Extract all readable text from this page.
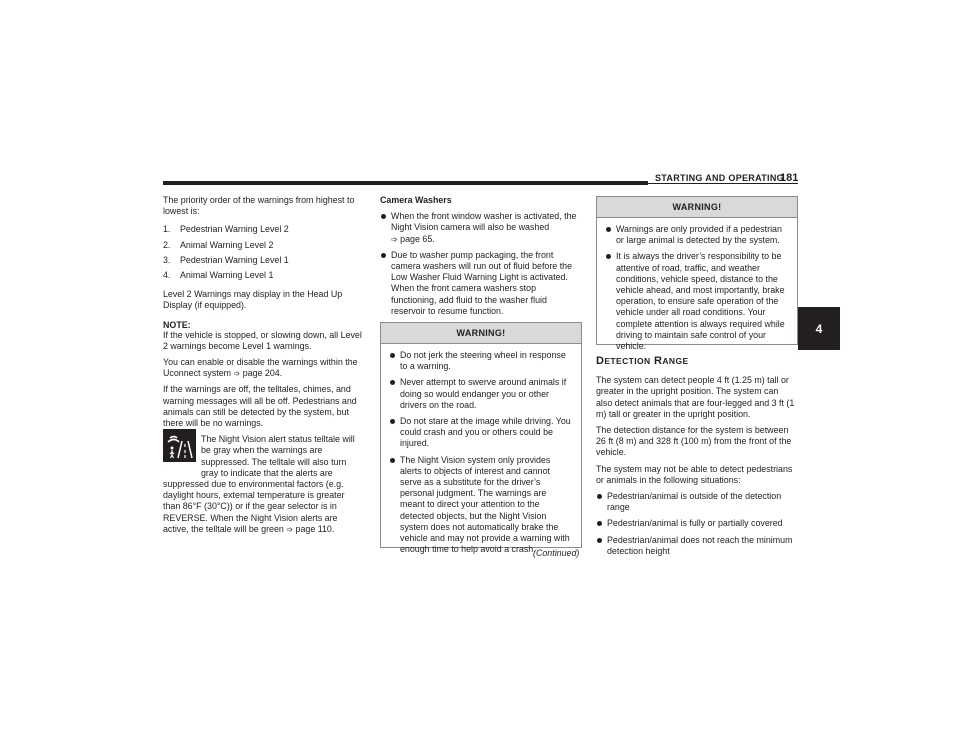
STARTING AND OPERATING
181
4

The priority order of the warnings from highest to lowest is:

1. Pedestrian Warning Level 2
2. Animal Warning Level 2
3. Pedestrian Warning Level 1
4. Animal Warning Level 1

Level 2 Warnings may display in the Head Up Display (if equipped).

NOTE:

If the vehicle is stopped, or slowing down, all Level 2 warnings become Level 1 warnings.

You can enable or disable the warnings within the Uconnect system ➩ page 204.

If the warnings are off, the telltales, chimes, and warning messages will all be off. Pedestrians and animals can still be detected by the system, but there will be no warnings.

The Night Vision alert status telltale will be gray when the warnings are suppressed. The telltale will also turn gray to indicate that the alerts are suppressed due to environmental factors (e.g. daylight hours, external temperature is greater than 86°F (30°C)) or if the gear selector is in REVERSE. When the Night Vision alerts are active, the telltale will be green ➩ page 110.

Camera Washers
When the front window washer is activated, the Night Vision camera will also be washed
➩ page 65.
Due to washer pump packaging, the front camera washers will run out of fluid before the Low Washer Fluid Warning Light is activated. When the front camera washers stop functioning, add fluid to the washer fluid reservoir to resume function.
WARNING!
Do not jerk the steering wheel in response to a warning.
Never attempt to swerve around animals if doing so would endanger you or other drivers on the road.
Do not stare at the image while driving. You could crash and you or others could be injured.
The Night Vision system only provides alerts to objects of interest and cannot serve as a substitute for the driver’s personal judgment. The warnings are meant to direct your attention to the detected objects, but the Night Vision system does not automatically brake the vehicle and may not provide a warning with enough time to help avoid a crash.
(Continued)
WARNING!
Warnings are only provided if a pedestrian or large animal is detected by the system.
It is always the driver’s responsibility to be attentive of road, traffic, and weather conditions, vehicle speed, distance to the vehicle ahead, and most importantly, brake operation, to ensure safe operation of the vehicle under all road conditions. Your complete attention is always required while driving to maintain safe control of your vehicle.
DETECTION RANGE

The system can detect people 4 ft (1.25 m) tall or greater in the upright position. The system can also detect animals that are four-legged and 3 ft (1 m) tall or greater in the upright position.

The detection distance for the system is between 26 ft (8 m) and 328 ft (100 m) from the front of the vehicle.

The system may not be able to detect pedestrians or animals in the following situations:

Pedestrian/animal is outside of the detection range
Pedestrian/animal is fully or partially covered
Pedestrian/animal does not reach the minimum detection height
